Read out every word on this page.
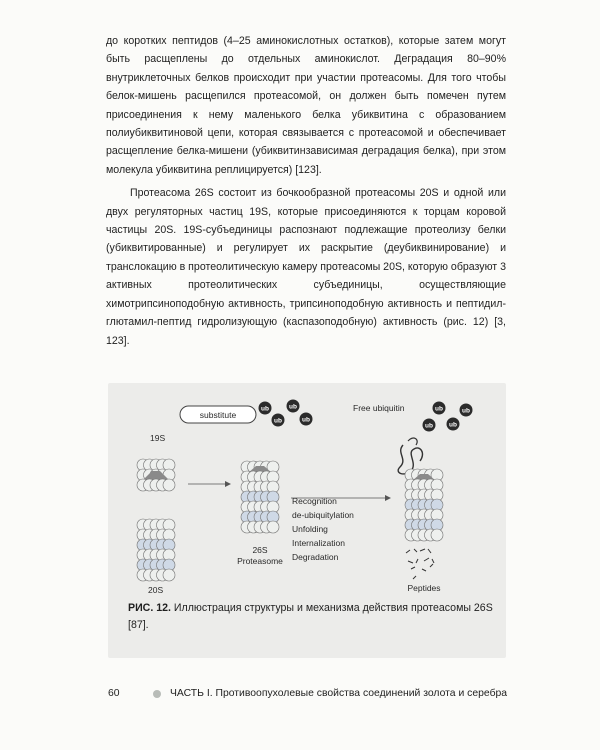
до коротких пептидов (4–25 аминокислотных остатков), которые затем могут быть расщеплены до отдельных аминокислот. Деградация 80–90% внутриклеточных белков происходит при участии протеасомы. Для того чтобы белок-мишень расщепился протеасомой, он должен быть помечен путем присоединения к нему маленького белка убиквитина с образованием полиубиквитиновой цепи, которая связывается с протеасомой и обеспечивает расщепление белка-мишени (убиквитинзависимая деградация белка), при этом молекула убиквитина реплицируется) [123].

Протеасома 26S состоит из бочкообразной протеасомы 20S и одной или двух регуляторных частиц 19S, которые присоединяются к торцам коровой частицы 20S. 19S-субъединицы распознают подлежащие протеолизу белки (убиквитированные) и регулирует их раскрытие (деубиквинирование) и транслокацию в протеолитическую камеру протеасомы 20S, которую образуют 3 активных протеолитических субъединицы, осуществляющие химотрипсиноподобную активность, трипсиноподобную активность и пептидил-глютамил-пептид гидролизующую (каспазоподобную) активность (рис. 12) [3, 123].

substitute
ub	ub
ub	ub
Free ubiquitin	ub	ub
ub ub
19S
20S
26S
Proteasome
Peptides
Recognition
de-ubiquitylation
Unfolding
Internalization
Degradation
РИС. 12. Иллюстрация структуры и механизма действия протеасомы 26S [87].
60	ЧАСТЬ I. Противоопухолевые свойства соединений золота и серебра
